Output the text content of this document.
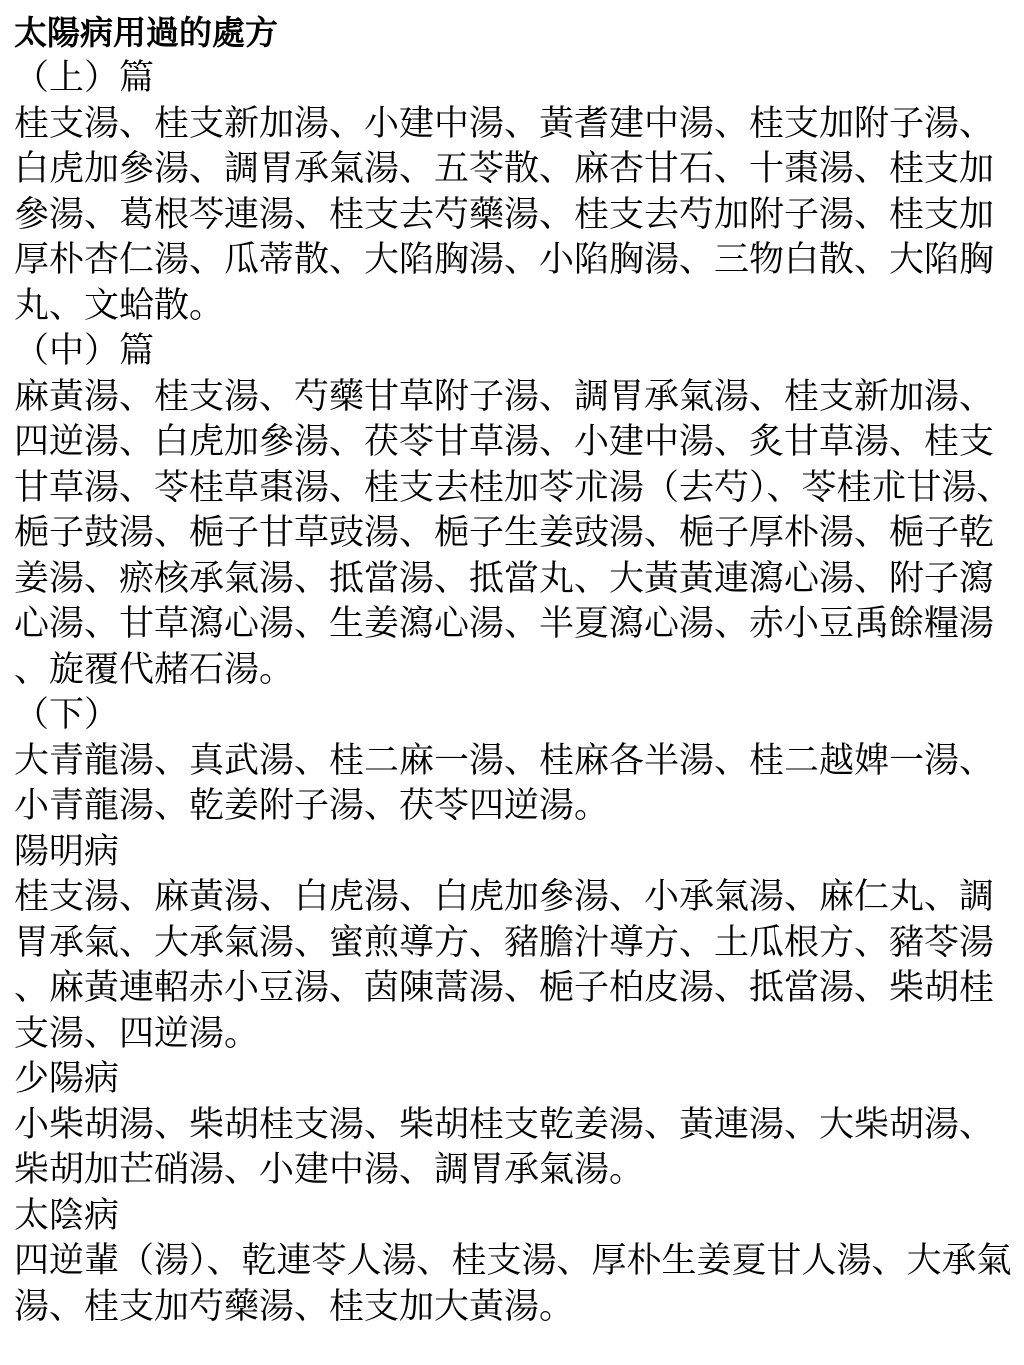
太陽病用過的處方

（上）篇

桂支湯、桂支新加湯、小建中湯、黃耆建中湯、桂支加附子湯、白虎加參湯、調胃承氣湯、五苓散、麻杏甘石、十棗湯、桂支加參湯、葛根芩連湯、桂支去芍藥湯、桂支去芍加附子湯、桂支加厚朴杏仁湯、瓜蒂散、大陷胸湯、小陷胸湯、三物白散、大陷胸丸、文蛤散。

（中）篇

麻黃湯、桂支湯、芍藥甘草附子湯、調胃承氣湯、桂支新加湯、四逆湯、白虎加參湯、茯苓甘草湯、小建中湯、炙甘草湯、桂支甘草湯、苓桂草棗湯、桂支去桂加苓朮湯（去芍）、苓桂朮甘湯、梔子鼓湯、梔子甘草豉湯、梔子生姜豉湯、梔子厚朴湯、梔子乾姜湯、瘀核承氣湯、抵當湯、抵當丸、大黃黃連瀉心湯、附子瀉心湯、甘草瀉心湯、生姜瀉心湯、半夏瀉心湯、赤小豆禹餘糧湯、旋覆代赭石湯。

（下）

大青龍湯、真武湯、桂二麻一湯、桂麻各半湯、桂二越婢一湯、小青龍湯、乾姜附子湯、茯苓四逆湯。

陽明病

桂支湯、麻黃湯、白虎湯、白虎加參湯、小承氣湯、麻仁丸、調胃承氣、大承氣湯、蜜煎導方、豬膽汁導方、土瓜根方、豬苓湯、麻黃連軺赤小豆湯、茵陳蒿湯、梔子柏皮湯、抵當湯、柴胡桂支湯、四逆湯。

少陽病

小柴胡湯、柴胡桂支湯、柴胡桂支乾姜湯、黃連湯、大柴胡湯、柴胡加芒硝湯、小建中湯、調胃承氣湯。

太陰病

四逆輩（湯）、乾連苓人湯、桂支湯、厚朴生姜夏甘人湯、大承氣湯、桂支加芍藥湯、桂支加大黃湯。
